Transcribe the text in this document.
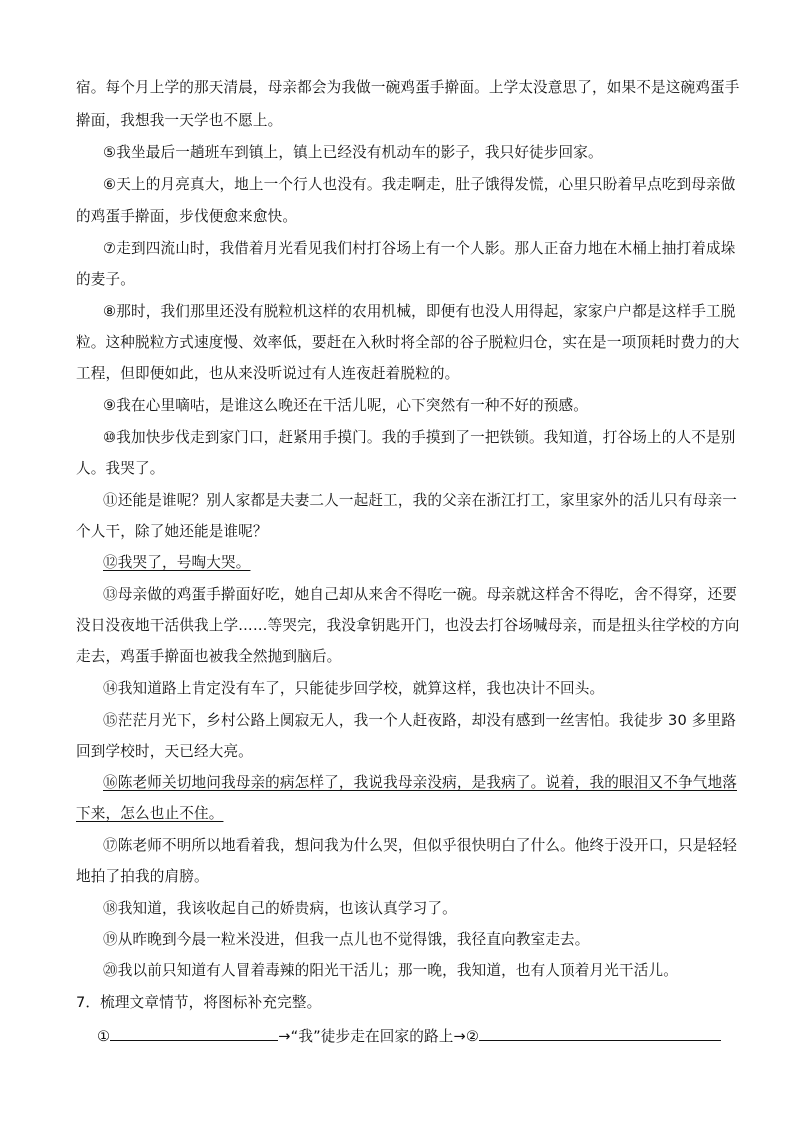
宿。每个月上学的那天清晨，母亲都会为我做一碗鸡蛋手擀面。上学太没意思了，如果不是这碗鸡蛋手
擀面，我想我一天学也不愿上。
⑤我坐最后一趟班车到镇上，镇上已经没有机动车的影子，我只好徒步回家。
⑥天上的月亮真大，地上一个行人也没有。我走啊走，肚子饿得发慌，心里只盼着早点吃到母亲做
的鸡蛋手擀面，步伐便愈来愈快。
⑦走到四流山时，我借着月光看见我们村打谷场上有一个人影。那人正奋力地在木桶上抽打着成垛
的麦子。
⑧那时，我们那里还没有脱粒机这样的农用机械，即便有也没人用得起，家家户户都是这样手工脱
粒。这种脱粒方式速度慢、效率低，要赶在入秋时将全部的谷子脱粒归仓，实在是一项顶耗时费力的大
工程，但即便如此，也从来没听说过有人连夜赶着脱粒的。
⑨我在心里嘀咕，是谁这么晚还在干活儿呢，心下突然有一种不好的预感。
⑩我加快步伐走到家门口，赶紧用手摸门。我的手摸到了一把铁锁。我知道，打谷场上的人不是别
人。我哭了。
⑪还能是谁呢？别人家都是夫妻二人一起赶工，我的父亲在浙江打工，家里家外的活儿只有母亲一
个人干，除了她还能是谁呢？
⑫我哭了，号啕大哭。
⑬母亲做的鸡蛋手擀面好吃，她自己却从来舍不得吃一碗。母亲就这样舍不得吃，舍不得穿，还要
没日没夜地干活供我上学……等哭完，我没拿钥匙开门，也没去打谷场喊母亲，而是扭头往学校的方向
走去，鸡蛋手擀面也被我全然抛到脑后。
⑭我知道路上肯定没有车了，只能徒步回学校，就算这样，我也决计不回头。
⑮茫茫月光下，乡村公路上阒寂无人，我一个人赶夜路，却没有感到一丝害怕。我徒步 30 多里路
回到学校时，天已经大亮。
⑯陈老师关切地问我母亲的病怎样了，我说我母亲没病，是我病了。说着，我的眼泪又不争气地落
下来，怎么也止不住。
⑰陈老师不明所以地看着我，想问我为什么哭，但似乎很快明白了什么。他终于没开口，只是轻轻
地拍了拍我的肩膀。
⑱我知道，我该收起自己的娇贵病，也该认真学习了。
⑲从昨晚到今晨一粒米没进，但我一点儿也不觉得饿，我径直向教室走去。
⑳我以前只知道有人冒着毒辣的阳光干活儿；那一晚，我知道，也有人顶着月光干活儿。
7．梳理文章情节，将图标补充完整。
①	→“我”徒步走在回家的路上→②
